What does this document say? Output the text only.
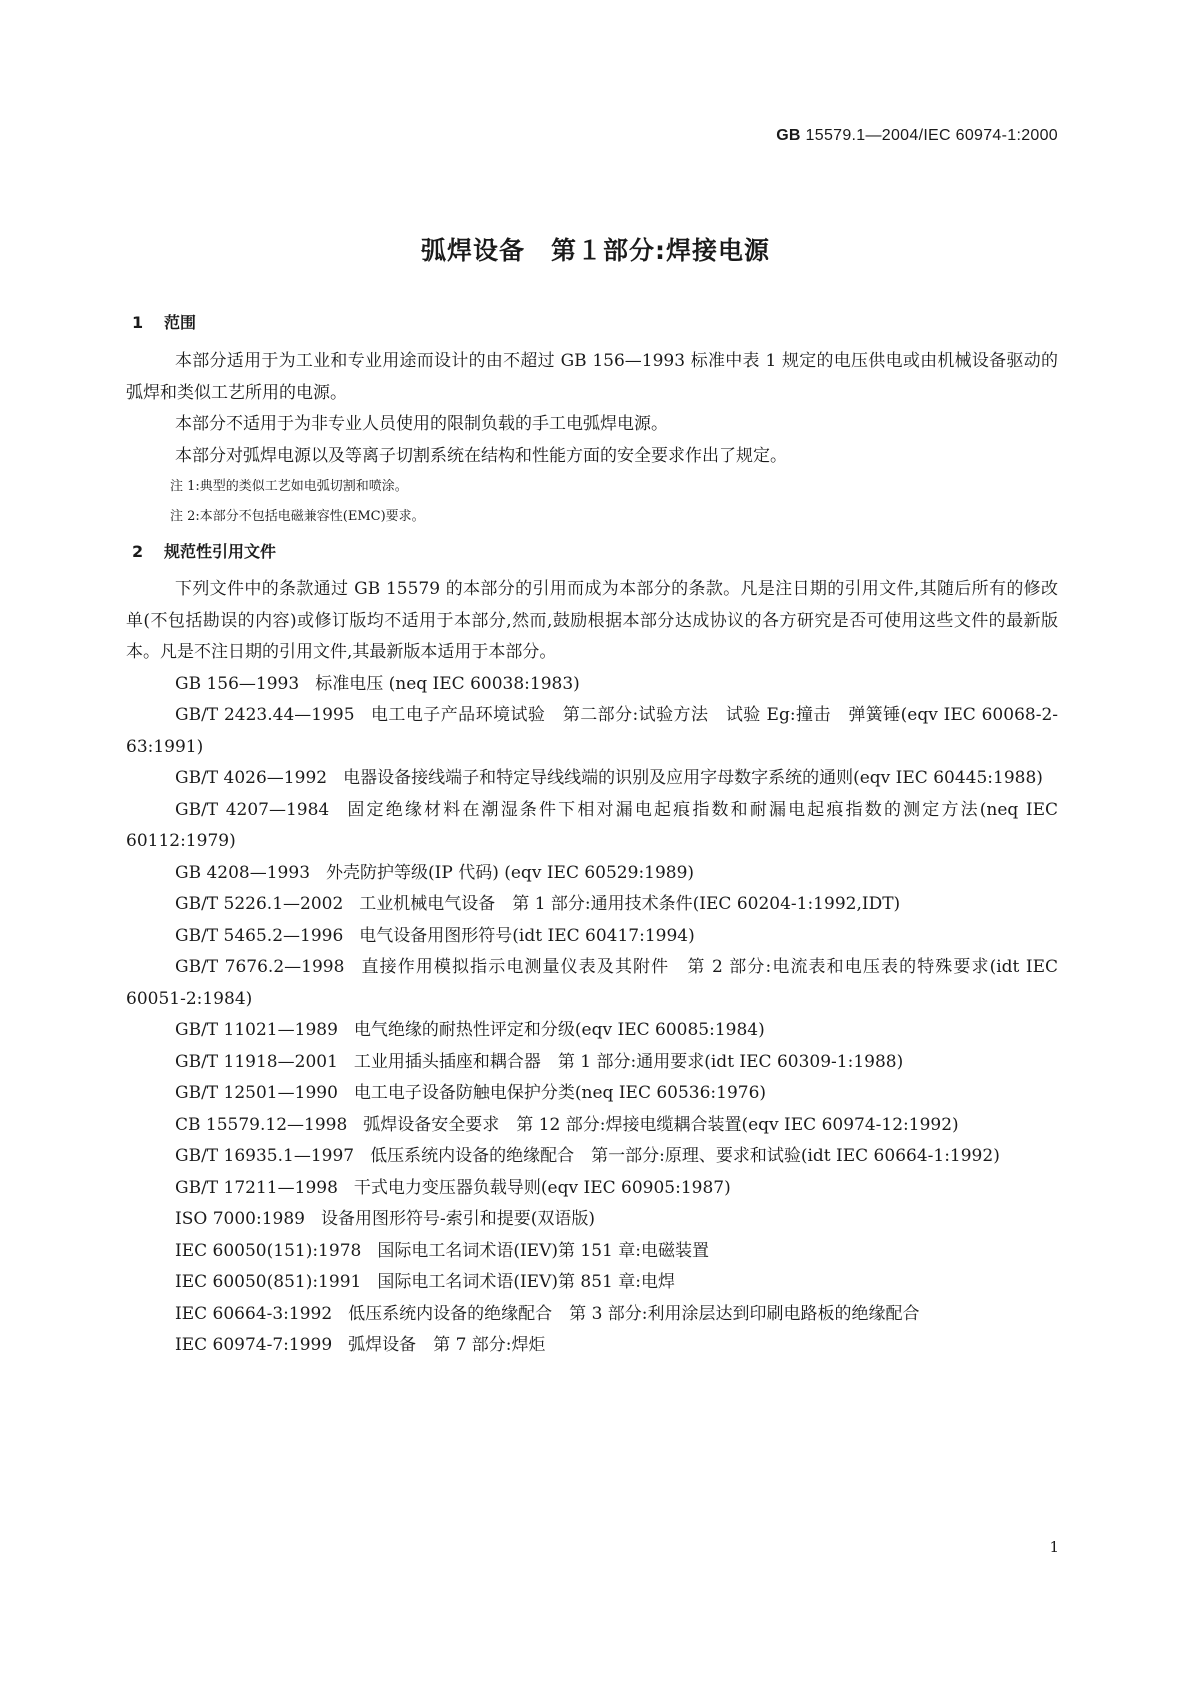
GB 15579.1—2004/IEC 60974-1:2000
弧焊设备　第１部分:焊接电源
1 范围

本部分适用于为工业和专业用途而设计的由不超过 GB 156—1993 标准中表 1 规定的电压供电或由机械设备驱动的弧焊和类似工艺所用的电源。

本部分不适用于为非专业人员使用的限制负载的手工电弧焊电源。

本部分对弧焊电源以及等离子切割系统在结构和性能方面的安全要求作出了规定。

注 1:典型的类似工艺如电弧切割和喷涂。

注 2:本部分不包括电磁兼容性(EMC)要求。

2 规范性引用文件

下列文件中的条款通过 GB 15579 的本部分的引用而成为本部分的条款。凡是注日期的引用文件,其随后所有的修改单(不包括勘误的内容)或修订版均不适用于本部分,然而,鼓励根据本部分达成协议的各方研究是否可使用这些文件的最新版本。凡是不注日期的引用文件,其最新版本适用于本部分。

GB 156—1993 标准电压 (neq IEC 60038:1983)

GB/T 2423.44—1995 电工电子产品环境试验　第二部分:试验方法　试验 Eg:撞击　弹簧锤(eqv IEC 60068-2-63:1991)

GB/T 4026—1992 电器设备接线端子和特定导线线端的识别及应用字母数字系统的通则(eqv IEC 60445:1988)

GB/T 4207—1984 固定绝缘材料在潮湿条件下相对漏电起痕指数和耐漏电起痕指数的测定方法(neq IEC 60112:1979)

GB 4208—1993 外壳防护等级(IP 代码) (eqv IEC 60529:1989)

GB/T 5226.1—2002 工业机械电气设备　第 1 部分:通用技术条件(IEC 60204-1:1992,IDT)

GB/T 5465.2—1996 电气设备用图形符号(idt IEC 60417:1994)

GB/T 7676.2—1998 直接作用模拟指示电测量仪表及其附件　第 2 部分:电流表和电压表的特殊要求(idt IEC 60051-2:1984)

GB/T 11021—1989 电气绝缘的耐热性评定和分级(eqv IEC 60085:1984)

GB/T 11918—2001 工业用插头插座和耦合器　第 1 部分:通用要求(idt IEC 60309-1:1988)

GB/T 12501—1990 电工电子设备防触电保护分类(neq IEC 60536:1976)

CB 15579.12—1998 弧焊设备安全要求　第 12 部分:焊接电缆耦合装置(eqv IEC 60974-12:1992)

GB/T 16935.1—1997 低压系统内设备的绝缘配合　第一部分:原理、要求和试验(idt IEC 60664-1:1992)

GB/T 17211—1998 干式电力变压器负载导则(eqv IEC 60905:1987)

ISO 7000:1989 设备用图形符号-索引和提要(双语版)

IEC 60050(151):1978 国际电工名词术语(IEV)第 151 章:电磁装置

IEC 60050(851):1991 国际电工名词术语(IEV)第 851 章:电焊

IEC 60664-3:1992 低压系统内设备的绝缘配合　第 3 部分:利用涂层达到印刷电路板的绝缘配合

IEC 60974-7:1999 弧焊设备　第 7 部分:焊炬

1
